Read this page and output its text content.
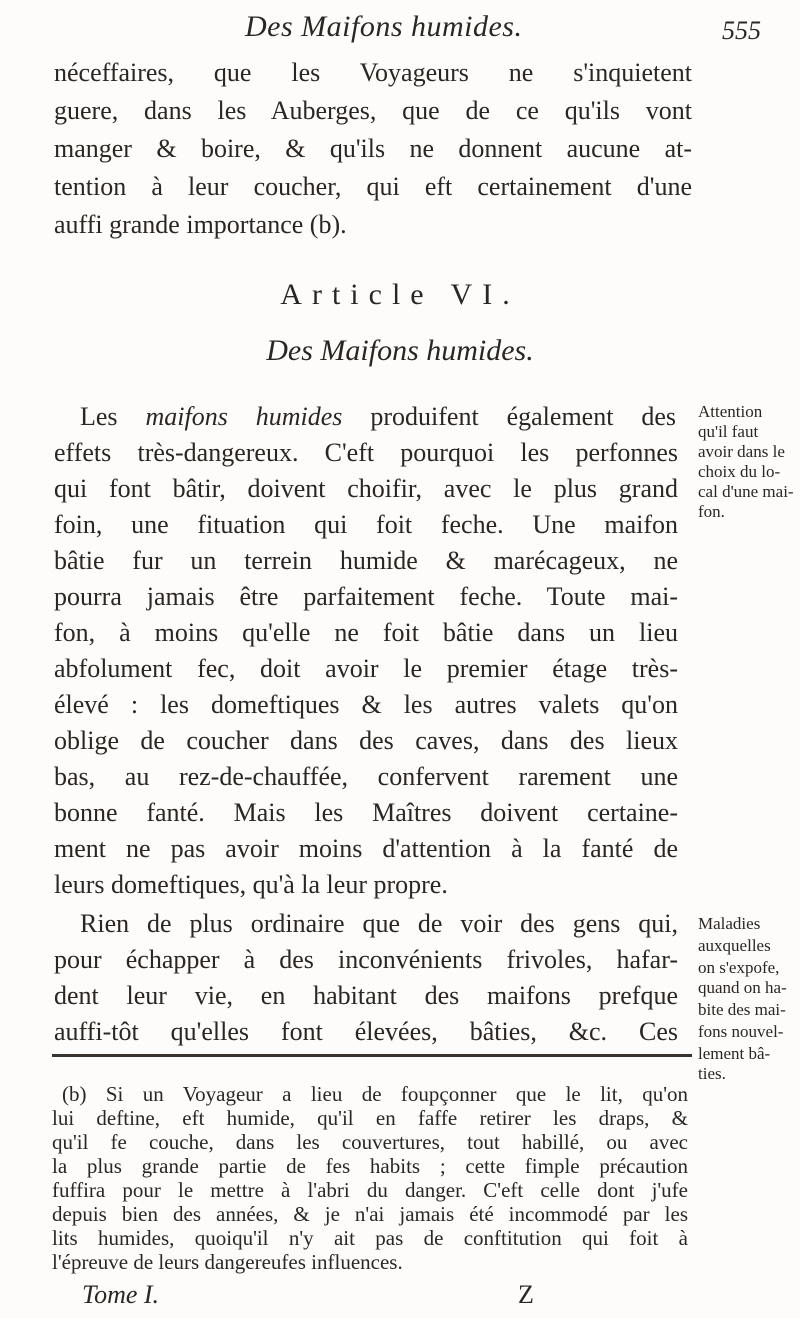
Des Maifons humides.	555
néceffaires, que les Voyageurs ne s'inquietent
guere, dans les Auberges, que de ce qu'ils vont
manger & boire, & qu'ils ne donnent aucune at-
tention à leur coucher, qui eft certainement d'une
auffi grande importance (b).
Article VI.
Des Maifons humides.
Les maifons humides produifent également des
effets très-dangereux. C'eft pourquoi les perfonnes
qui font bâtir, doivent choifir, avec le plus grand
foin, une fituation qui foit feche. Une maifon
bâtie fur un terrein humide & marécageux, ne
pourra jamais être parfaitement feche. Toute mai-
fon, à moins qu'elle ne foit bâtie dans un lieu
abfolument fec, doit avoir le premier étage très-
élevé : les domeftiques & les autres valets qu'on
oblige de coucher dans des caves, dans des lieux
bas, au rez-de-chauffée, confervent rarement une
bonne fanté. Mais les Maîtres doivent certaine-
ment ne pas avoir moins d'attention à la fanté de
leurs domeftiques, qu'à la leur propre.
Rien de plus ordinaire que de voir des gens qui,
pour échapper à des inconvénients frivoles, hafar-
dent leur vie, en habitant des maifons prefque
auffi-tôt qu'elles font élevées, bâties, &c. Ces
Attention
qu'il faut
avoir dans le
choix du lo-
cal d'une mai-
fon.
Maladies
auxquelles
on s'expofe,
quand on ha-
bite des mai-
fons nouvel-
lement bâ-
ties.
(b) Si un Voyageur a lieu de foupçonner que le lit, qu'on
lui deftine, eft humide, qu'il en faffe retirer les draps, &
qu'il fe couche, dans les couvertures, tout habillé, ou avec
la plus grande partie de fes habits ; cette fimple précaution
fuffira pour le mettre à l'abri du danger. C'eft celle dont j'ufe
depuis bien des années, & je n'ai jamais été incommodé par les
lits humides, quoiqu'il n'y ait pas de conftitution qui foit à
l'épreuve de leurs dangereufes influences.
Tome I.	Z
